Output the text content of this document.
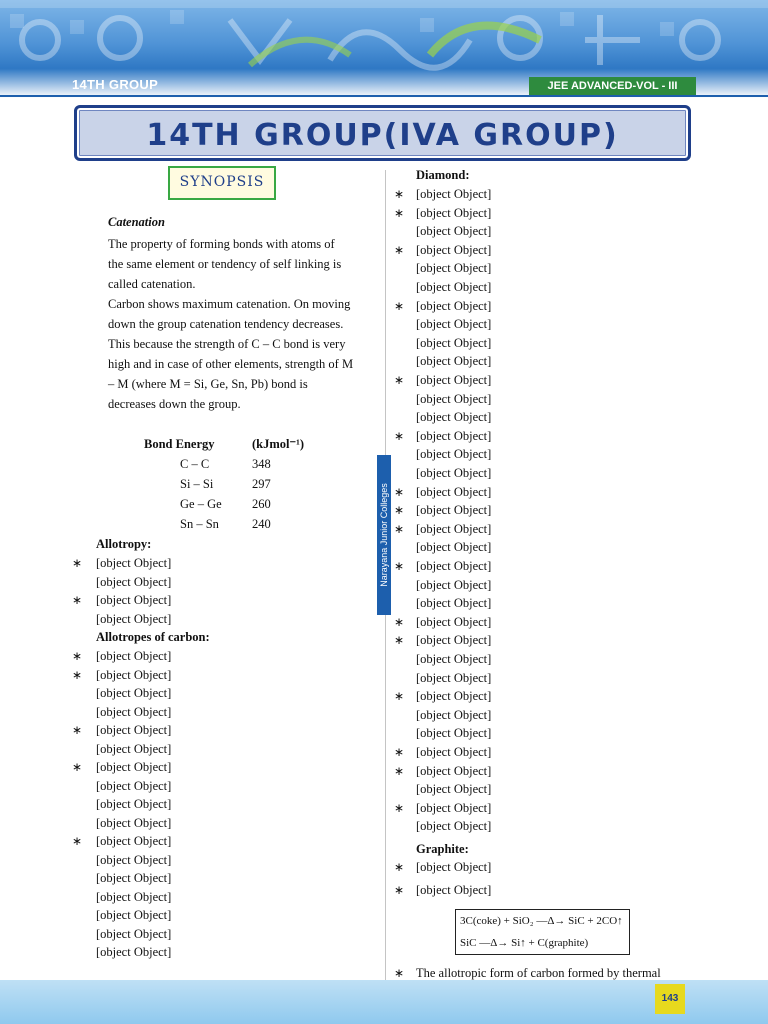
14TH GROUP	JEE ADVANCED-VOL - III
14TH GROUP(IVA GROUP)
SYNOPSIS
Narayana Junior Colleges
Catenation
The property of forming bonds with atoms of
the same element or tendency of self linking is
called catenation.
Carbon shows maximum catenation. On moving
down the group catenation tendency decreases.
This because the strength of C – C bond is very
high and in case of other elements, strength of M
– M (where M = Si, Ge, Sn, Pb) bond is
decreases down the group.
Bond Energy	(kJmol⁻¹)
C – C	348
Si – Si	297
Ge – Ge 260
Sn – Sn	240
Allotropy:
∗ [object Object]
[object Object]
∗ [object Object]
[object Object]
Allotropes of carbon:
∗ [object Object]
∗ [object Object]
[object Object]
[object Object]
∗ [object Object]
[object Object]
∗ [object Object]
[object Object]
[object Object]
[object Object]
∗ [object Object]
[object Object]
[object Object]
[object Object]
[object Object]
[object Object]
[object Object]
Diamond:
∗ [object Object]
∗ [object Object]
[object Object]
∗ [object Object]
[object Object]
[object Object]
∗ [object Object]
[object Object]
[object Object]
[object Object]
∗ [object Object]
[object Object]
[object Object]
∗ [object Object]
[object Object]
[object Object]
∗ [object Object]
∗ [object Object]
∗ [object Object]
[object Object]
∗ [object Object]
[object Object]
[object Object]
∗ [object Object]
∗ [object Object]
[object Object]
[object Object]
∗ [object Object]
[object Object]
[object Object]
∗ [object Object]
∗ [object Object]
[object Object]
∗ [object Object]
[object Object]
Graphite:
∗ [object Object]
∗ [object Object]
3C(coke) + SiO₂ —Δ→ SiC + 2CO↑
SiC —Δ→ Si↑ + C(graphite)
∗ The allotropic form of carbon formed by thermal
143
